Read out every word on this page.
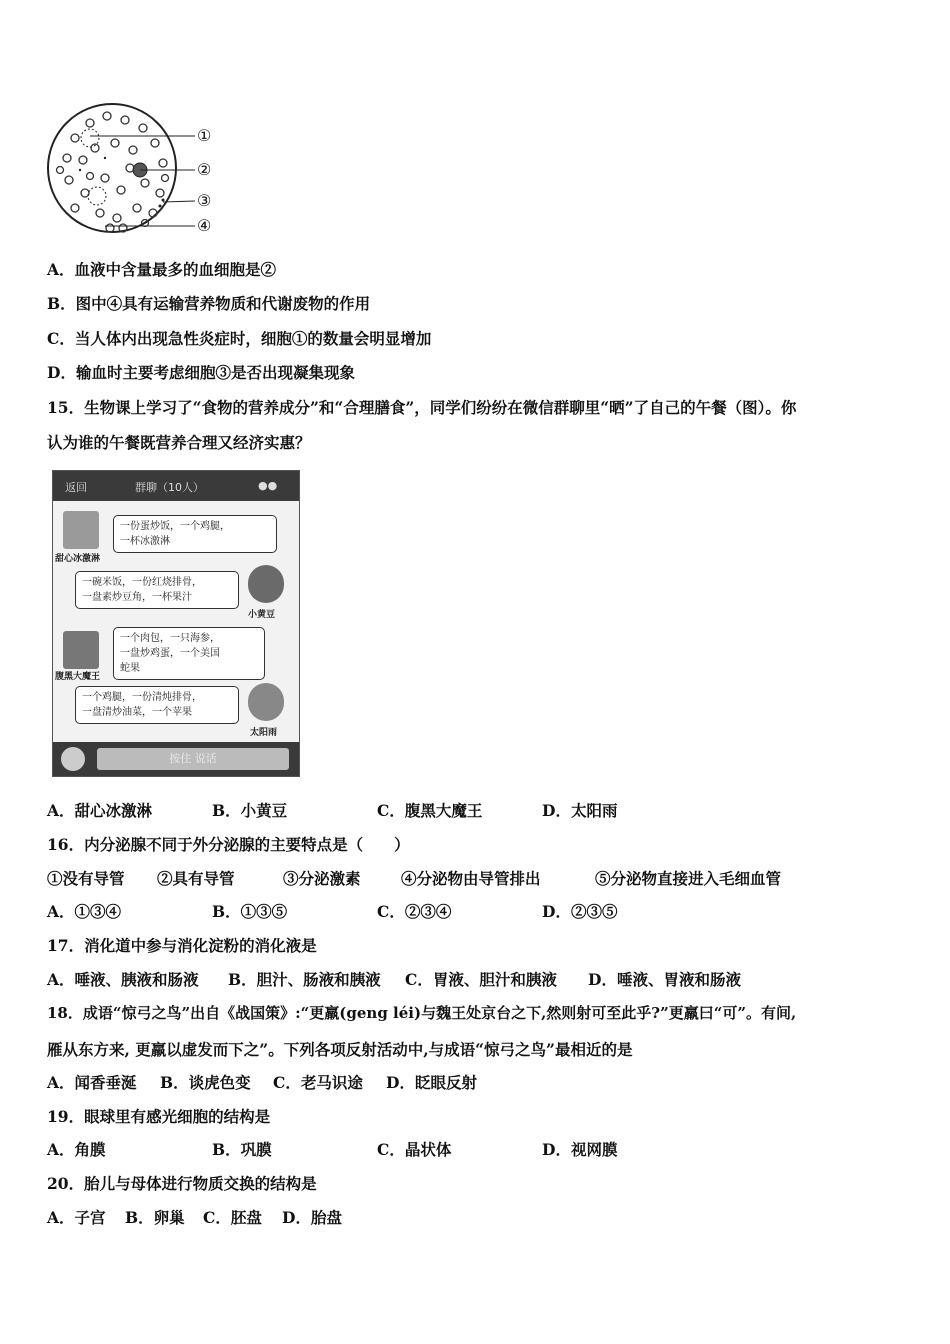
①
②
③
④
A．血液中含量最多的血细胞是②
B．图中④具有运输营养物质和代谢废物的作用
C．当人体内出现急性炎症时，细胞①的数量会明显增加
D．输血时主要考虑细胞③是否出现凝集现象
15．生物课上学习了“食物的营养成分”和“合理膳食”，同学们纷纷在微信群聊里“晒”了自己的午餐（图）。你
认为谁的午餐既营养合理又经济实惠？
返回	群聊（10人）	●●
甜心冰激淋
一份蛋炒饭，一个鸡腿，
一杯冰激淋
一碗米饭，一份红烧排骨，
一盘素炒豆角，一杯果汁
小黄豆
腹黑大魔王
一个肉包，一只海参，
一盘炒鸡蛋，一个美国
蛇果
一个鸡腿，一份清炖排骨，
一盘清炒油菜，一个苹果
太阳雨
按住 说话
A．甜心冰激淋	B．小黄豆	C．腹黑大魔王	D．太阳雨
16．内分泌腺不同于外分泌腺的主要特点是（　　）
①没有导管 ②具有导管	③分泌激素	④分泌物由导管排出	⑤分泌物直接进入毛细血管
A．①③④	B．①③⑤	C．②③④	D．②③⑤
17．消化道中参与消化淀粉的消化液是
A．唾液、胰液和肠液 B．胆汁、肠液和胰液 C．胃液、胆汁和胰液 D．唾液、胃液和肠液
18．成语“惊弓之鸟”出自《战国策》:“更羸(geng léi)与魏王处京台之下,然则射可至此乎?”更羸曰“可”。有间,
雁从东方来, 更羸以虚发而下之”。下列各项反射活动中,与成语“惊弓之鸟”最相近的是
A．闻香垂涎 B．谈虎色变 C．老马识途 D．眨眼反射
19．眼球里有感光细胞的结构是
A．角膜	B．巩膜	C．晶状体	D．视网膜
20．胎儿与母体进行物质交换的结构是
A．子宫 B．卵巢 C．胚盘 D．胎盘
